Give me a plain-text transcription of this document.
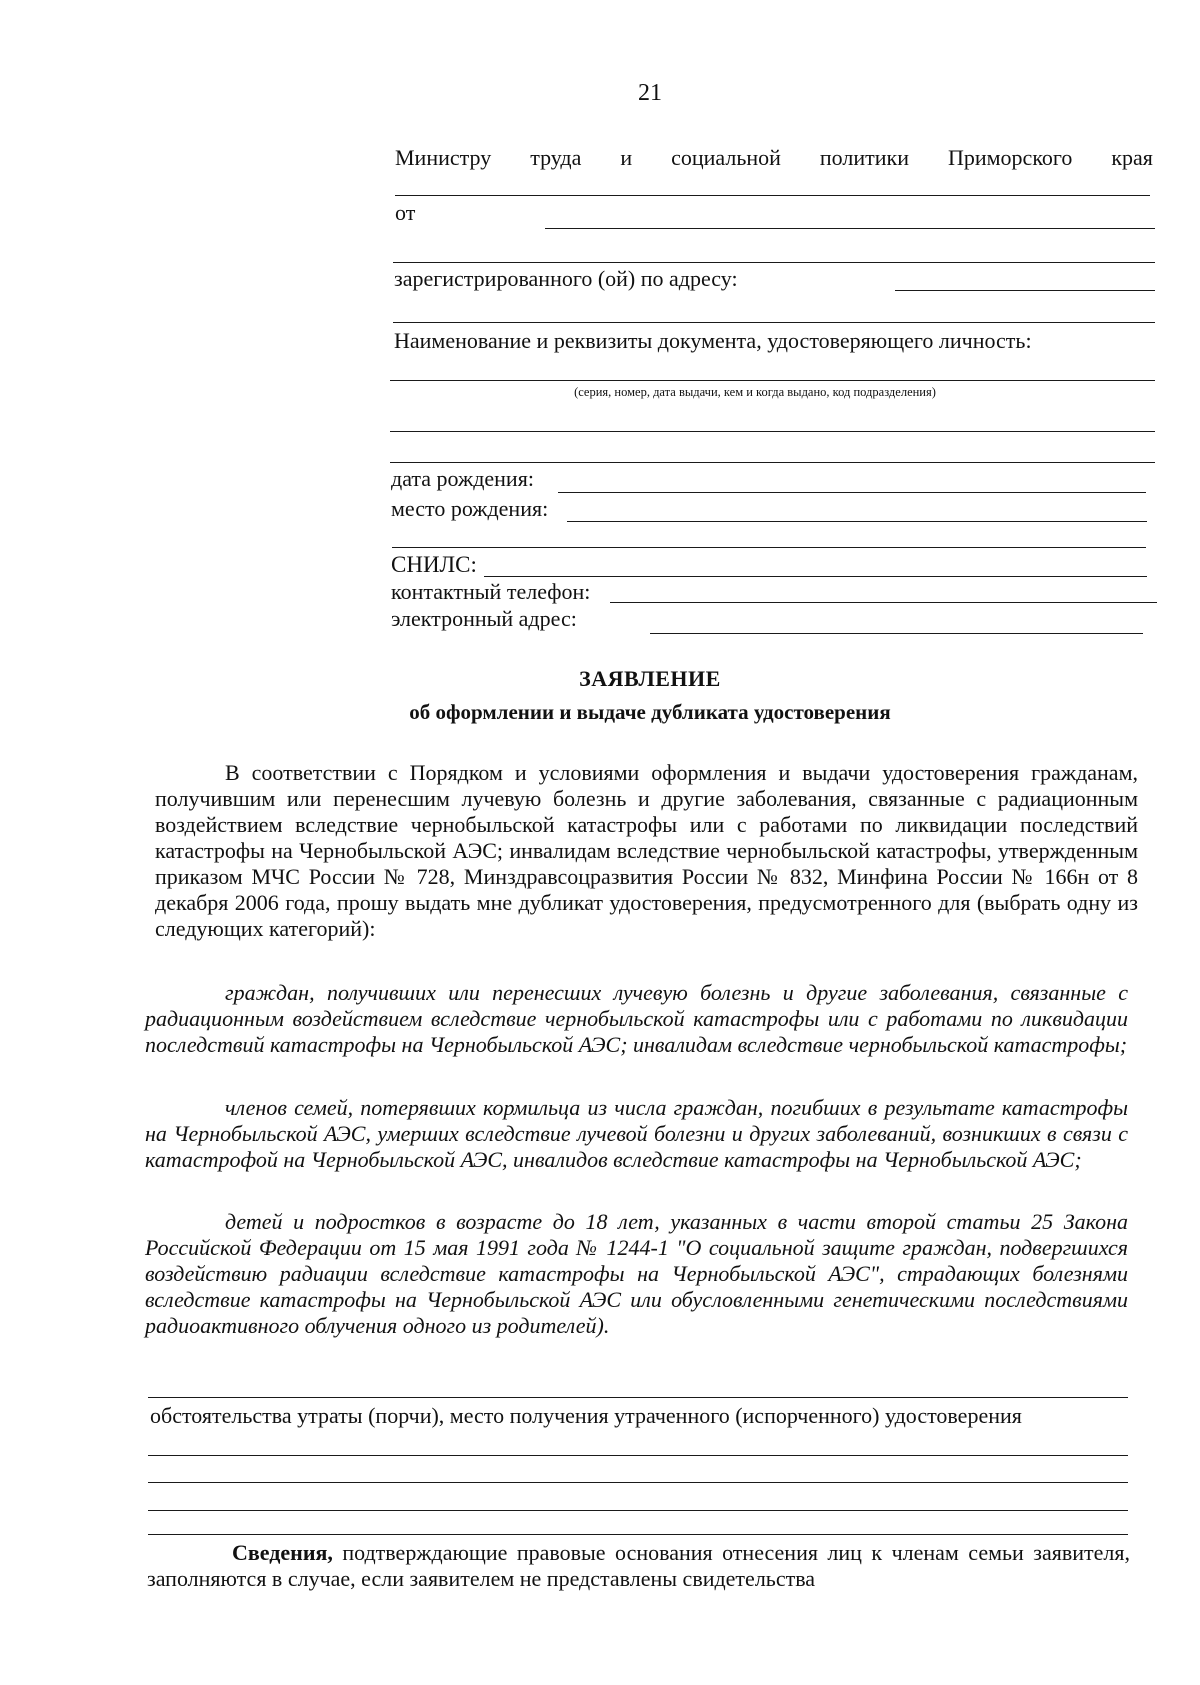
21
Министру труда и социальной политики Приморского края
от
зарегистрированного (ой) по адресу:
Наименование и реквизиты документа, удостоверяющего личность:
(серия, номер, дата выдачи, кем и когда выдано, код подразделения)
дата рождения:
место рождения:
СНИЛС:
контактный телефон:
электронный адрес:
ЗАЯВЛЕНИЕ
об оформлении и выдаче дубликата удостоверения
В соответствии с Порядком и условиями оформления и выдачи удостоверения гражданам, получившим или перенесшим лучевую болезнь и другие заболевания, связанные с радиационным воздействием вследствие чернобыльской катастрофы или с работами по ликвидации последствий катастрофы на Чернобыльской АЭС; инвалидам вследствие чернобыльской катастрофы, утвержденным приказом МЧС России № 728, Минздравсоцразвития России № 832, Минфина России № 166н от 8 декабря 2006 года, прошу выдать мне дубликат удостоверения, предусмотренного для (выбрать одну из следующих категорий):
граждан, получивших или перенесших лучевую болезнь и другие заболевания, связанные с радиационным воздействием вследствие чернобыльской катастрофы или с работами по ликвидации последствий катастрофы на Чернобыльской АЭС; инвалидам вследствие чернобыльской катастрофы;
членов семей, потерявших кормильца из числа граждан, погибших в результате катастрофы на Чернобыльской АЭС, умерших вследствие лучевой болезни и других заболеваний, возникших в связи с катастрофой на Чернобыльской АЭС, инвалидов вследствие катастрофы на Чернобыльской АЭС;
детей и подростков в возрасте до 18 лет, указанных в части второй статьи 25 Закона Российской Федерации от 15 мая 1991 года № 1244-1 "О социальной защите граждан, подвергшихся воздействию радиации вследствие катастрофы на Чернобыльской АЭС", страдающих болезнями вследствие катастрофы на Чернобыльской АЭС или обусловленными генетическими последствиями радиоактивного облучения одного из родителей).
обстоятельства утраты (порчи), место получения утраченного (испорченного) удостоверения
Сведения, подтверждающие правовые основания отнесения лиц к членам семьи заявителя, заполняются в случае, если заявителем не представлены свидетельства
